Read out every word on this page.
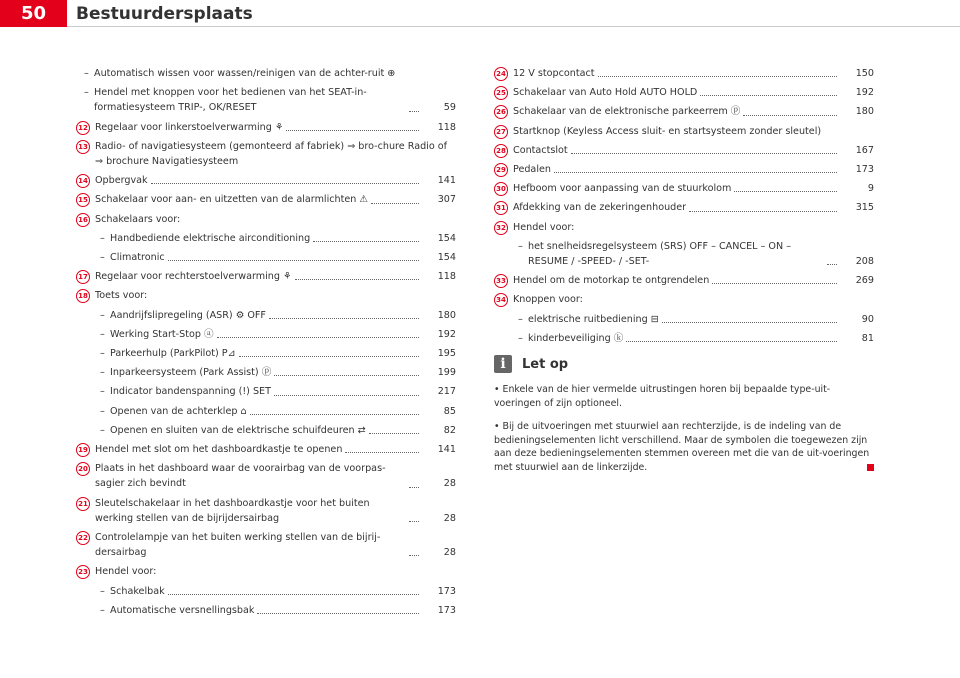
50	Bestuurdersplaats
– Automatisch wissen voor wassen/reinigen van de achter-ruit ⊕
– Hendel met knoppen voor het bedienen van het SEAT-in-formatiesysteem TRIP-, OK/RESET	59
12 Regelaar voor linkerstoelverwarming ⚘	118
13 Radio- of navigatiesysteem (gemonteerd af fabriek) ⇒ bro-chure Radio of ⇒ brochure Navigatiesysteem
14 Opbergvak	141
15 Schakelaar voor aan- en uitzetten van de alarmlichten ⚠	307
16 Schakelaars voor:
– Handbediende elektrische airconditioning	154
– Climatronic	154
17 Regelaar voor rechterstoelverwarming ⚘	118
18 Toets voor:
– Aandrijfslipregeling (ASR) ⚙ OFF	180
– Werking Start-Stop ⓐ	192
– Parkeerhulp (ParkPilot) P⊿	195
– Inparkeersysteem (Park Assist) ⓟ	199
– Indicator bandenspanning (!) SET	217
– Openen van de achterklep ⌂	85
– Openen en sluiten van de elektrische schuifdeuren ⇄	82
19 Hendel met slot om het dashboardkastje te openen	141
20 Plaats in het dashboard waar de voorairbag van de voorpas-sagier zich bevindt	28
21 Sleutelschakelaar in het dashboardkastje voor het buiten werking stellen van de bijrijdersairbag	28
22 Controlelampje van het buiten werking stellen van de bijrij-dersairbag	28
23 Hendel voor:
– Schakelbak	173
– Automatische versnellingsbak	173
24 12 V stopcontact	150
25 Schakelaar van Auto Hold AUTO HOLD	192
26 Schakelaar van de elektronische parkeerrem ⓟ	180
27 Startknop (Keyless Access sluit- en startsysteem zonder sleutel)
28 Contactslot	167
29 Pedalen	173
30 Hefboom voor aanpassing van de stuurkolom	9
31 Afdekking van de zekeringenhouder	315
32 Hendel voor:
– het snelheidsregelsysteem (SRS) OFF – CANCEL – ON – RESUME / -SPEED- / -SET-	208
33 Hendel om de motorkap te ontgrendelen	269
34 Knoppen voor:
– elektrische ruitbediening ⊟	90
– kinderbeveiliging ⓚ	81
i	Let op

• Enkele van de hier vermelde uitrustingen horen bij bepaalde type-uit-voeringen of zijn optioneel.

• Bij de uitvoeringen met stuurwiel aan rechterzijde, is de indeling van de bedieningselementen licht verschillend. Maar de symbolen die toegewezen zijn aan deze bedieningselementen stemmen overeen met die van de uit-voeringen met stuurwiel aan de linkerzijde.
